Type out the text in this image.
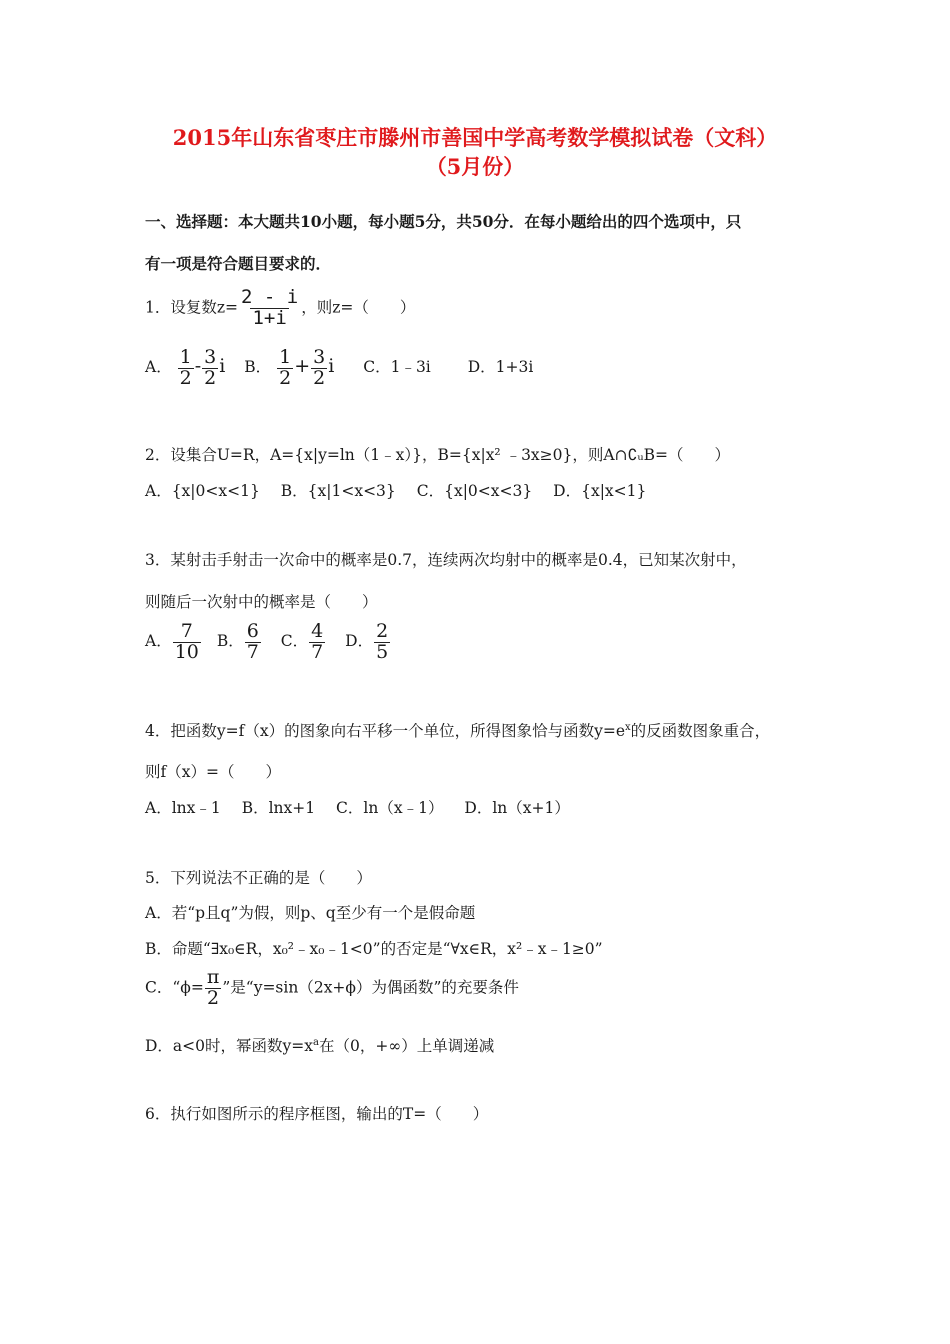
2015年山东省枣庄市滕州市善国中学高考数学模拟试卷（文科）
（5月份）
一、选择题：本大题共10小题，每小题5分，共50分．在每小题给出的四个选项中，只
有一项是符合题目要求的．
1．设复数$z= \frac{2 - i}{1+i}$ ，则z=（　　）
A． $\frac{1}{2} - \frac{3}{2}$ i B． $\frac{1}{2} + \frac{3}{2}$ i C．1﹣3i D．1+3i
2．设集合U=R，A={x|y=ln（1﹣x）}，B={x|x² ﹣3x≥0}，则A∩∁ᵤB=（　　）
A．{x|0<x<1} B．{x|1<x<3} C．{x|0<x<3} D．{x|x<1}
3．某射击手射击一次命中的概率是0.7，连续两次均射中的概率是0.4，已知某次射中，
则随后一次射中的概率是（　　）
A． $\frac{7}{10}$ B． $\frac{6}{7}$ C． $\frac{4}{7}$ D． $\frac{2}{5}$
4．把函数y=f（x）的图象向右平移一个单位，所得图象恰与函数$y=e^x$的反函数图象重合，
则f（x）=（　　）
A．lnx﹣1 B．lnx+1 C．ln（x﹣1） D．ln（x+1）
5．下列说法不正确的是（　　）
A．若“p且q”为假，则p、q至少有一个是假命题
B．命题“∃x₀∈R，x₀²﹣x₀﹣1<0”的否定是“∀x∈R，x²﹣x﹣1≥0”
C．“$\phi= \frac{\pi}{2}$ ”是“y=sin（2x+ϕ）为偶函数”的充要条件
D．a<0时，幂函数$y=x^a$在（0，+∞）上单调递减
6．执行如图所示的程序框图，输出的T=（　　）
